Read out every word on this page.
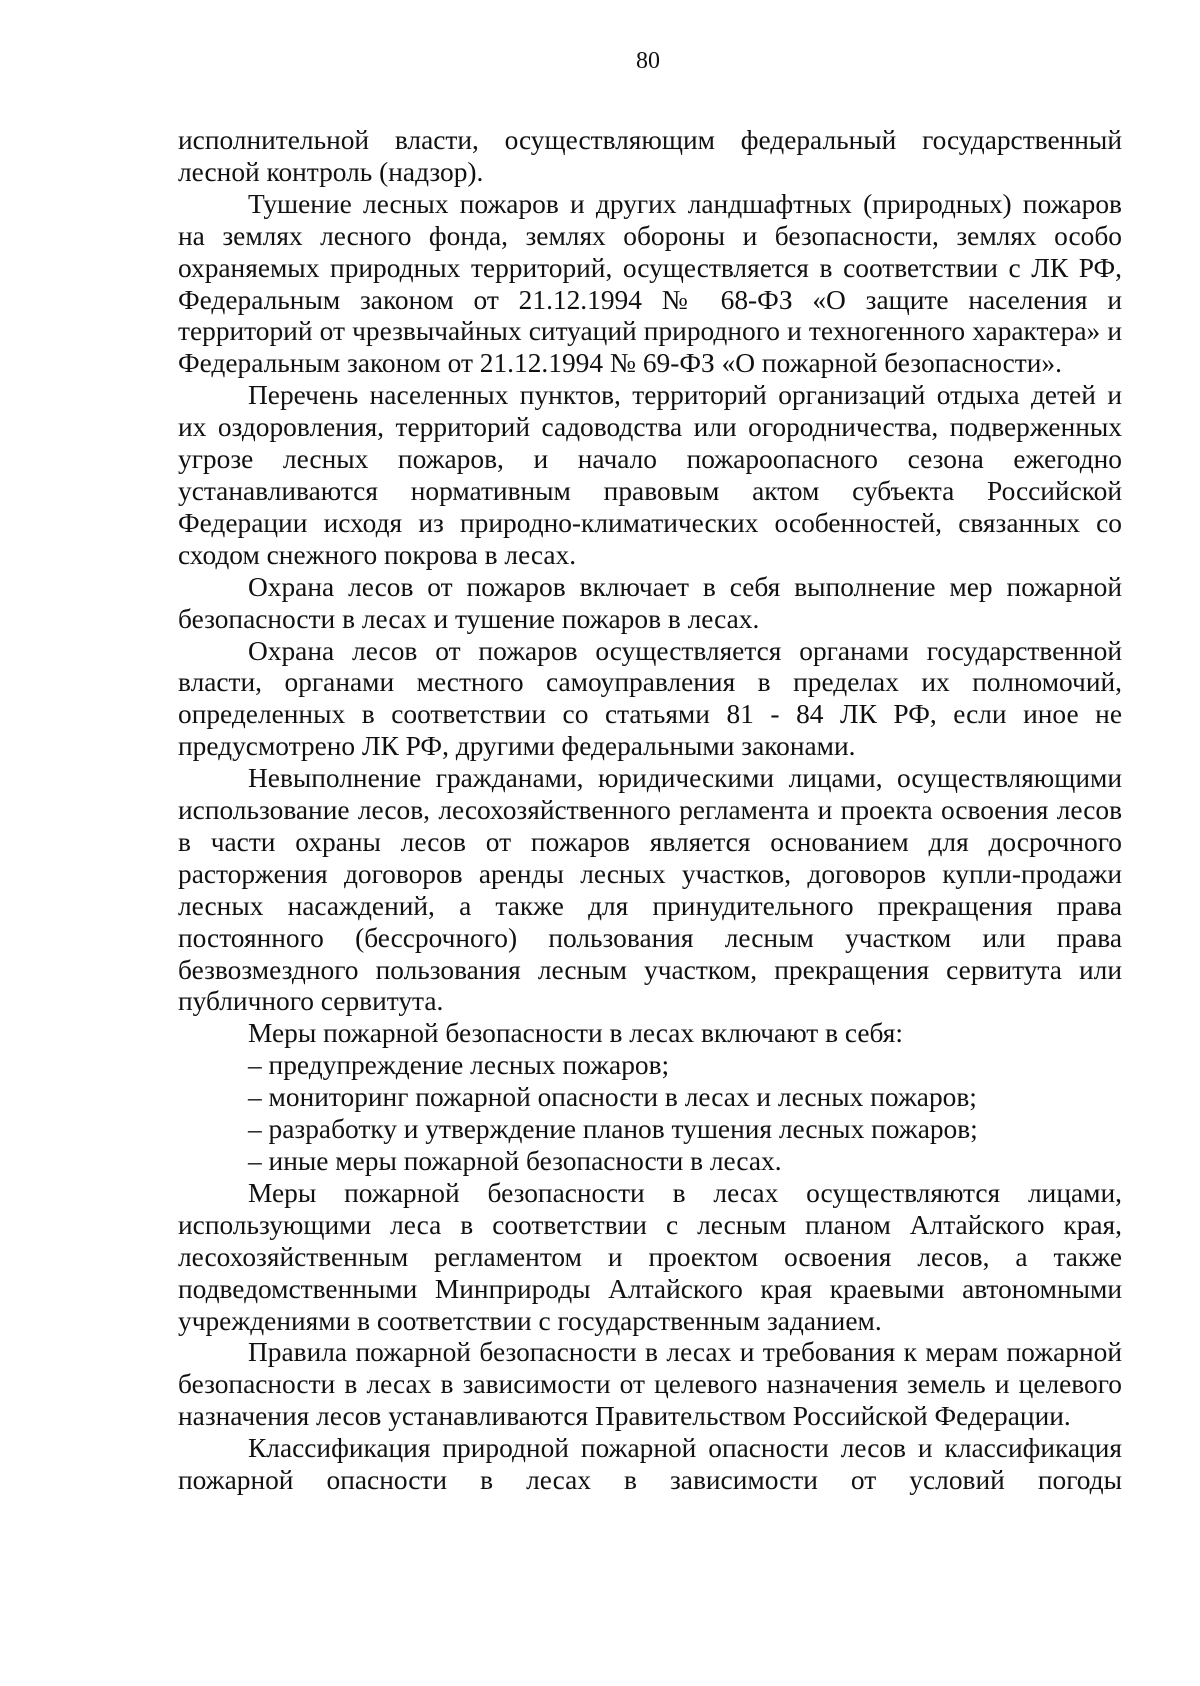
80

исполнительной власти, осуществляющим федеральный государственный лесной контроль (надзор).

Тушение лесных пожаров и других ландшафтных (природных) пожаров на землях лесного фонда, землях обороны и безопасности, землях особо охраняемых природных территорий, осуществляется в соответствии с ЛК РФ, Федеральным законом от 21.12.1994 № 68-ФЗ «О защите населения и территорий от чрезвычайных ситуаций природного и техногенного характера» и Федеральным законом от 21.12.1994 № 69-ФЗ «О пожарной безопасности».

Перечень населенных пунктов, территорий организаций отдыха детей и их оздоровления, территорий садоводства или огородничества, подверженных угрозе лесных пожаров, и начало пожароопасного сезона ежегодно устанавливаются нормативным правовым актом субъекта Российской Федерации исходя из природно-климатических особенностей, связанных со сходом снежного покрова в лесах.

Охрана лесов от пожаров включает в себя выполнение мер пожарной безопасности в лесах и тушение пожаров в лесах.

Охрана лесов от пожаров осуществляется органами государственной власти, органами местного самоуправления в пределах их полномочий, определенных в соответствии со статьями 81 - 84 ЛК РФ, если иное не предусмотрено ЛК РФ, другими федеральными законами.

Невыполнение гражданами, юридическими лицами, осуществляющими использование лесов, лесохозяйственного регламента и проекта освоения лесов в части охраны лесов от пожаров является основанием для досрочного расторжения договоров аренды лесных участков, договоров купли-продажи лесных насаждений, а также для принудительного прекращения права постоянного (бессрочного) пользования лесным участком или права безвозмездного пользования лесным участком, прекращения сервитута или публичного сервитута.

Меры пожарной безопасности в лесах включают в себя:

– предупреждение лесных пожаров;

– мониторинг пожарной опасности в лесах и лесных пожаров;

– разработку и утверждение планов тушения лесных пожаров;

– иные меры пожарной безопасности в лесах.

Меры пожарной безопасности в лесах осуществляются лицами, использующими леса в соответствии с лесным планом Алтайского края, лесохозяйственным регламентом и проектом освоения лесов, а также подведомственными Минприроды Алтайского края краевыми автономными учреждениями в соответствии с государственным заданием.

Правила пожарной безопасности в лесах и требования к мерам пожарной безопасности в лесах в зависимости от целевого назначения земель и целевого назначения лесов устанавливаются Правительством Российской Федерации.

Классификация природной пожарной опасности лесов и классификация пожарной опасности в лесах в зависимости от условий погоды
